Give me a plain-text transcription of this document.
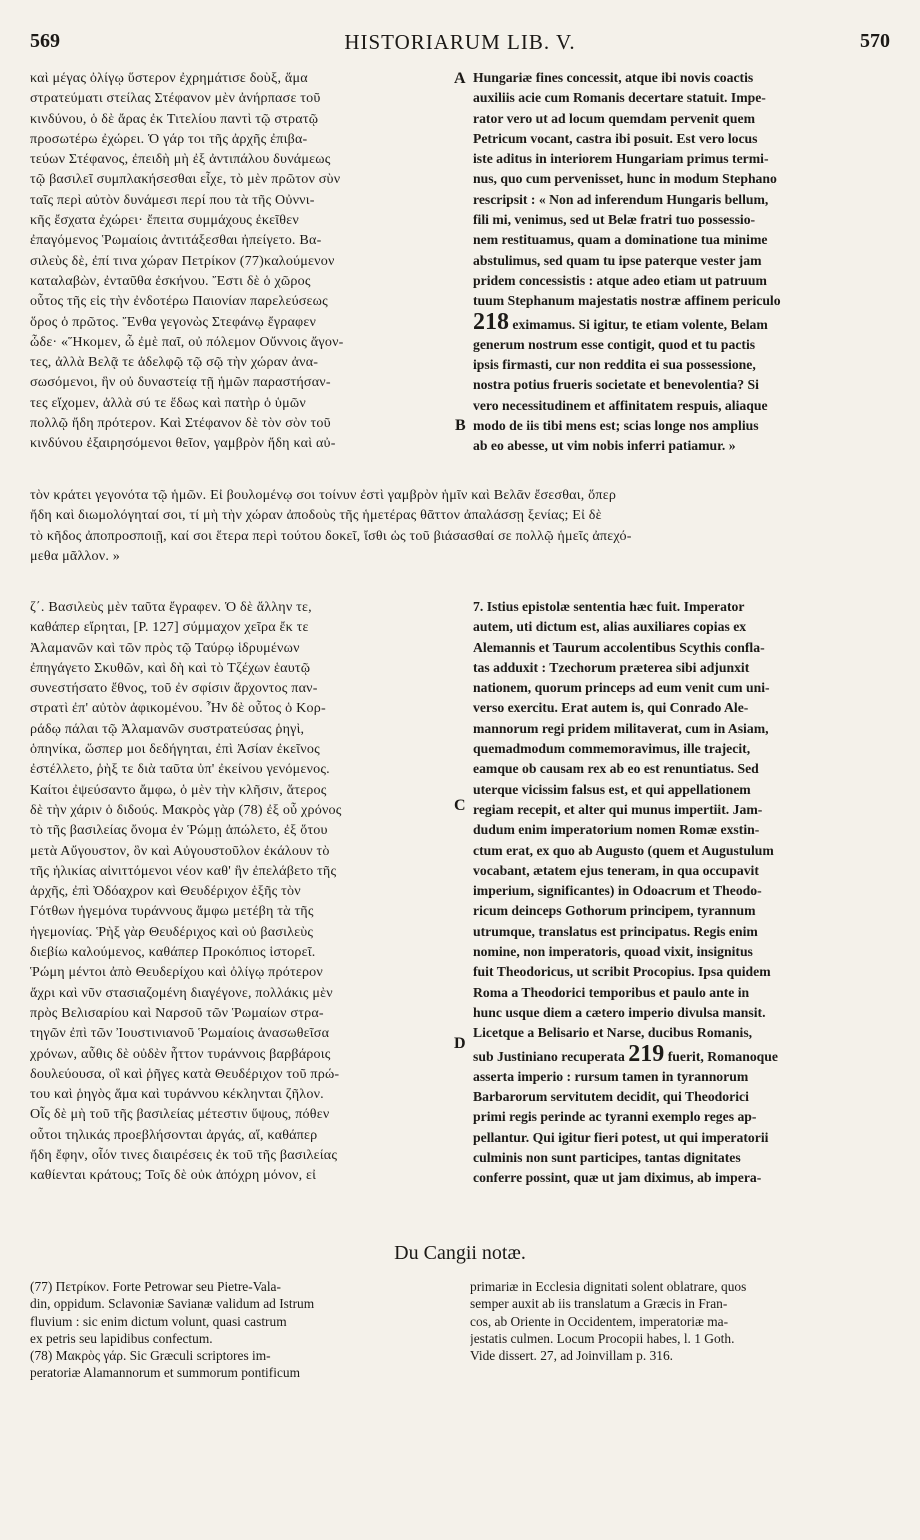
569	HISTORIARUM LIB. V.	570
A
B
C
D
καὶ μέγας ὀλίγῳ ὕστερον ἐχρημάτισε δοὺξ, ἅμα
στρατεύματι στείλας Στέφανον μὲν ἀνήρπασε τοῦ
κινδύνου, ὁ δὲ ἄρας ἐκ Τιτελίου παντὶ τῷ στρατῷ
προσωτέρω ἐχώρει. Ὁ γάρ τοι τῆς ἀρχῆς ἐπιβα-
τεύων Στέφανος, ἐπειδὴ μὴ ἐξ ἀντιπάλου δυνάμεως
τῷ βασιλεῖ συμπλακήσεσθαι εἶχε, τὸ μὲν πρῶτον σὺν
ταῖς περὶ αὐτὸν δυνάμεσι περί που τὰ τῆς Οὐννι-
κῆς ἔσχατα ἐχώρει· ἔπειτα συμμάχους ἐκεῖθεν
ἐπαγόμενος Ῥωμαίοις ἀντιτάξεσθαι ἠπείγετο. Βα-
σιλεὺς δὲ, ἐπί τινα χώραν Πετρίκον (77)καλούμενον
καταλαβὼν, ἐνταῦθα ἐσκήνου. Ἔστι δὲ ὁ χῶρος
οὗτος τῆς εἰς τὴν ἐνδοτέρω Παιονίαν παρελεύσεως
ὅρος ὁ πρῶτος. Ἔνθα γεγονὼς Στεφάνῳ ἔγραφεν
ὧδε· «Ἥκομεν, ὦ ἐμὲ παῖ, οὐ πόλεμον Οὔννοις ἄγον-
τες, ἀλλὰ Βελᾷ τε ἀδελφῷ τῷ σῷ τὴν χώραν ἀνα-
σωσόμενοι, ἣν οὐ δυναστείᾳ τῇ ἡμῶν παραστήσαν-
τες εἴχομεν, ἀλλὰ σύ τε ἔδως καὶ πατὴρ ὁ ὑμῶν
πολλῷ ἤδη πρότερον. Καὶ Στέφανον δὲ τὸν σὸν τοῦ
κινδύνου ἐξαιρησόμενοι θεῖον, γαμβρὸν ἤδη καὶ αὐ-
Hungariæ fines concessit, atque ibi novis coactis
auxiliis acie cum Romanis decertare statuit. Impe-
rator vero ut ad locum quemdam pervenit quem
Petricum vocant, castra ibi posuit. Est vero locus
iste aditus in interiorem Hungariam primus termi-
nus, quo cum pervenisset, hunc in modum Stephano
rescripsit : « Non ad inferendum Hungaris bellum,
fili mi, venimus, sed ut Belæ fratri tuo possessio-
nem restituamus, quam a dominatione tua minime
abstulimus, sed quam tu ipse paterque vester jam
pridem concessistis : atque adeo etiam ut patruum
tuum Stephanum majestatis nostræ affinem periculo
218 eximamus. Si igitur, te etiam volente, Belam
generum nostrum esse contigit, quod et tu pactis
ipsis firmasti, cur non reddita ei sua possessione,
nostra potius frueris societate et benevolentia? Si
vero necessitudinem et affinitatem respuis, aliaque
modo de iis tibi mens est; scias longe nos amplius
ab eo abesse, ut vim nobis inferri patiamur. »
τὸν κράτει γεγονότα τῷ ἡμῶν. Εἰ βουλομένῳ σοι τοίνυν ἐστὶ γαμβρὸν ἡμῖν καὶ Βελᾶν ἔσεσθαι, ὅπερ
ἤδη καὶ διωμολόγηταί σοι, τί μὴ τὴν χώραν ἀποδοὺς τῆς ἡμετέρας θᾶττον ἀπαλάσσῃ ξενίας; Εἰ δὲ
τὸ κῆδος ἀποπροσποιῇ, καί σοι ἕτερα περὶ τούτου δοκεῖ, ἴσθι ὡς τοῦ βιάσασθαί σε πολλῷ ἡμεῖς ἀπεχό-
μεθα μᾶλλον. »
ζ΄. Βασιλεὺς μὲν ταῦτα ἔγραφεν. Ὁ δὲ ἄλλην τε,
καθάπερ εἴρηται, [P. 127] σύμμαχον χεῖρα ἔκ τε
Ἀλαμανῶν καὶ τῶν πρὸς τῷ Ταύρῳ ἱδρυμένων
ἐπηγάγετο Σκυθῶν, καὶ δὴ καὶ τὸ Τζέχων ἑαυτῷ
συνεστήσατο ἔθνος, τοῦ ἐν σφίσιν ἄρχοντος παν-
στρατὶ ἐπ' αὐτὸν ἀφικομένου. Ἦν δὲ οὗτος ὁ Κορ-
ράδῳ πάλαι τῷ Ἀλαμανῶν συστρατεύσας ῥηγὶ,
ὁπηνίκα, ὥσπερ μοι δεδήγηται, ἐπὶ Ἀσίαν ἐκεῖνος
ἐστέλλετο, ῥὴξ τε διὰ ταῦτα ὑπ' ἐκείνου γενόμενος.
Καίτοι ἐψεύσαντο ἄμφω, ὁ μὲν τὴν κλῆσιν, ἅτερος
δὲ τὴν χάριν ὁ διδούς. Μακρὸς γὰρ (78) ἐξ οὗ χρόνος
τὸ τῆς βασιλείας ὄνομα ἐν Ῥώμῃ ἀπώλετο, ἐξ ὅτου
μετὰ Αὔγουστον, ὃν καὶ Αὐγουστοῦλον ἐκάλουν τὸ
τῆς ἡλικίας αἰνιττόμενοι νέον καθ' ἣν ἐπελάβετο τῆς
ἀρχῆς, ἐπὶ Ὀδόαχρον καὶ Θευδέριχον ἑξῆς τὸν
Γότθων ἡγεμόνα τυράννους ἄμφω μετέβη τὰ τῆς
ἡγεμονίας. Ῥὴξ γὰρ Θευδέριχος καὶ οὐ βασιλεὺς
διεβίω καλούμενος, καθάπερ Προκόπιος ἱστορεῖ.
Ῥώμη μέντοι ἀπὸ Θευδερίχου καὶ ὀλίγῳ πρότερον
ἄχρι καὶ νῦν στασιαζομένη διαγέγονε, πολλάκις μὲν
πρὸς Βελισαρίου καὶ Ναρσοῦ τῶν Ῥωμαίων στρα-
τηγῶν ἐπὶ τῶν Ἰουστινιανοῦ Ῥωμαίοις ἀνασωθεῖσα
χρόνων, αὖθις δὲ οὐδὲν ἧττον τυράννοις βαρβάροις
δουλεύουσα, οἳ καὶ ῥῆγες κατὰ Θευδέριχον τοῦ πρώ-
του καὶ ῥηγὸς ἅμα καὶ τυράννου κέκληνται ζῆλον.
Οἷς δὲ μὴ τοῦ τῆς βασιλείας μέτεστιν ὕψους, πόθεν
οὗτοι τηλικάς προεβλήσονται ἀργάς, αἵ, καθάπερ
ἤδη ἔφην, οἷόν τινες διαιρέσεις ἐκ τοῦ τῆς βασιλείας
καθίενται κράτους; Τοῖς δὲ οὐκ ἀπόχρη μόνον, εἰ
7. Istius epistolæ sententia hæc fuit. Imperator
autem, uti dictum est, alias auxiliares copias ex
Alemannis et Taurum accolentibus Scythis confla-
tas adduxit : Tzechorum præterea sibi adjunxit
nationem, quorum princeps ad eum venit cum uni-
verso exercitu. Erat autem is, qui Conrado Ale-
mannorum regi pridem militaverat, cum in Asiam,
quemadmodum commemoravimus, ille trajecit,
eamque ob causam rex ab eo est renuntiatus. Sed
uterque vicissim falsus est, et qui appellationem
regiam recepit, et alter qui munus impertiit. Jam-
dudum enim imperatorium nomen Romæ exstin-
ctum erat, ex quo ab Augusto (quem et Augustulum
vocabant, ætatem ejus teneram, in qua occupavit
imperium, significantes) in Odoacrum et Theodo-
ricum deinceps Gothorum principem, tyrannum
utrumque, translatus est principatus. Regis enim
nomine, non imperatoris, quoad vixit, insignitus
fuit Theodoricus, ut scribit Procopius. Ipsa quidem
Roma a Theodorici temporibus et paulo ante in
hunc usque diem a cætero imperio divulsa mansit.
Licetque a Belisario et Narse, ducibus Romanis,
sub Justiniano recuperata 219 fuerit, Romanoque
asserta imperio : rursum tamen in tyrannorum
Barbarorum servitutem decidit, qui Theodorici
primi regis perinde ac tyranni exemplo reges ap-
pellantur. Qui igitur fieri potest, ut qui imperatorii
culminis non sunt participes, tantas dignitates
conferre possint, quæ ut jam diximus, ab impera-
Du Cangii notæ.
(77) Πετρίκον. Forte Petrowar seu Pietre-Vala-
din, oppidum. Sclavoniæ Savianæ validum ad Istrum
fluvium : sic enim dictum volunt, quasi castrum
ex petris seu lapidibus confectum.
(78) Μακρὸς γάρ. Sic Græculi scriptores im-
peratoriæ Alamannorum et summorum pontificum
primariæ in Ecclesia dignitati solent oblatrare, quos
semper auxit ab iis translatum a Græcis in Fran-
cos, ab Oriente in Occidentem, imperatoriæ ma-
jestatis culmen. Locum Procopii habes, l. 1 Goth.
Vide dissert. 27, ad Joinvillam p. 316.
